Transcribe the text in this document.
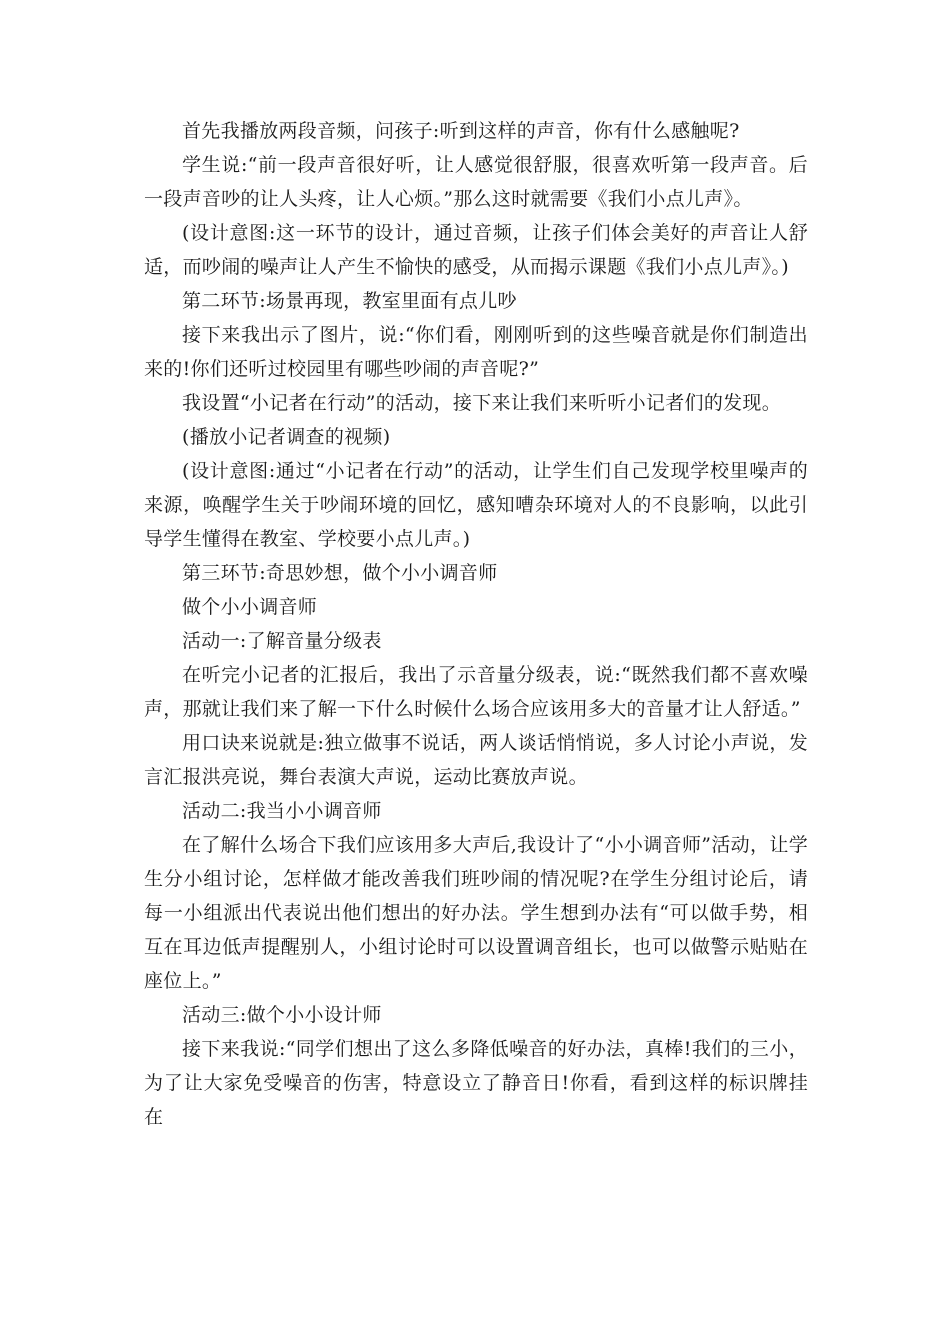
首先我播放两段音频，问孩子:听到这样的声音，你有什么感触呢?

学生说:“前一段声音很好听，让人感觉很舒服，很喜欢听第一段声音。后一段声音吵的让人头疼，让人心烦。”那么这时就需要《我们小点儿声》。

(设计意图:这一环节的设计，通过音频，让孩子们体会美好的声音让人舒适，而吵闹的噪声让人产生不愉快的感受，从而揭示课题《我们小点儿声》。)

第二环节:场景再现，教室里面有点儿吵

接下来我出示了图片，说:“你们看，刚刚听到的这些噪音就是你们制造出来的!你们还听过校园里有哪些吵闹的声音呢?”

我设置“小记者在行动”的活动，接下来让我们来听听小记者们的发现。

(播放小记者调查的视频)

(设计意图:通过“小记者在行动”的活动，让学生们自己发现学校里噪声的来源，唤醒学生关于吵闹环境的回忆，感知嘈杂环境对人的不良影响，以此引导学生懂得在教室、学校要小点儿声。)

第三环节:奇思妙想，做个小小调音师

做个小小调音师

活动一:了解音量分级表

在听完小记者的汇报后，我出了示音量分级表，说:“既然我们都不喜欢噪声，那就让我们来了解一下什么时候什么场合应该用多大的音量才让人舒适。”

用口诀来说就是:独立做事不说话，两人谈话悄悄说，多人讨论小声说，发言汇报洪亮说，舞台表演大声说，运动比赛放声说。

活动二:我当小小调音师

在了解什么场合下我们应该用多大声后,我设计了“小小调音师”活动，让学生分小组讨论，怎样做才能改善我们班吵闹的情况呢?在学生分组讨论后，请每一小组派出代表说出他们想出的好办法。学生想到办法有“可以做手势，相互在耳边低声提醒别人，小组讨论时可以设置调音组长，也可以做警示贴贴在座位上。”

活动三:做个小小设计师

接下来我说:“同学们想出了这么多降低噪音的好办法，真棒!我们的三小，为了让大家免受噪音的伤害，特意设立了静音日!你看，看到这样的标识牌挂在
